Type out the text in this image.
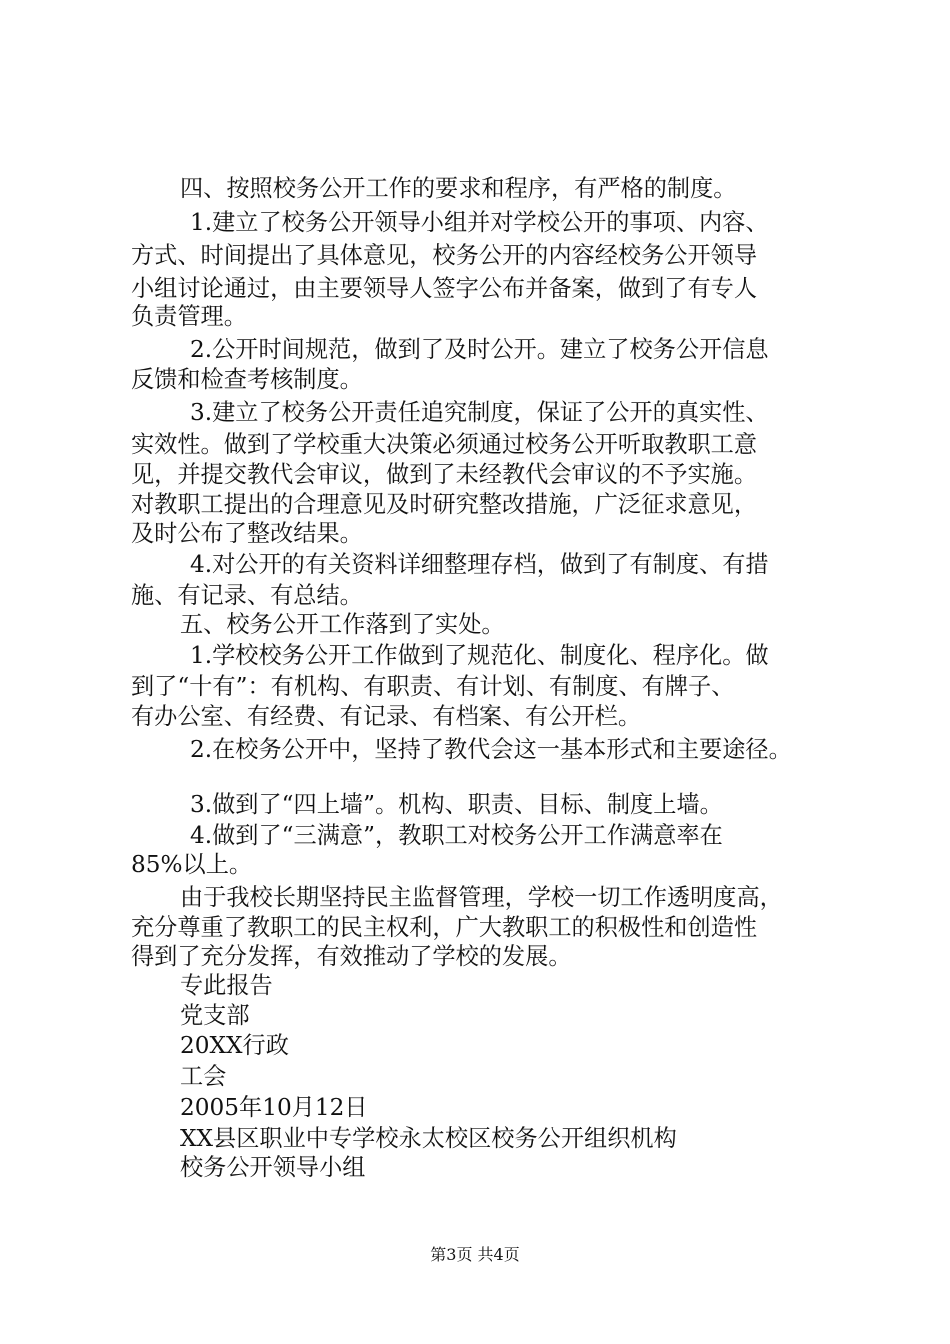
四、按照校务公开工作的要求和程序，有严格的制度。
1.建立了校务公开领导小组并对学校公开的事项、内容、
方式、时间提出了具体意见，校务公开的内容经校务公开领导
小组讨论通过，由主要领导人签字公布并备案，做到了有专人
负责管理。
2.公开时间规范，做到了及时公开。建立了校务公开信息
反馈和检查考核制度。
3.建立了校务公开责任追究制度，保证了公开的真实性、
实效性。做到了学校重大决策必须通过校务公开听取教职工意
见，并提交教代会审议，做到了未经教代会审议的不予实施。
对教职工提出的合理意见及时研究整改措施，广泛征求意见，
及时公布了整改结果。
4.对公开的有关资料详细整理存档，做到了有制度、有措
施、有记录、有总结。
五、校务公开工作落到了实处。
1.学校校务公开工作做到了规范化、制度化、程序化。做
到了“十有”：有机构、有职责、有计划、有制度、有牌子、
有办公室、有经费、有记录、有档案、有公开栏。
2.在校务公开中，坚持了教代会这一基本形式和主要途径。
3.做到了“四上墙”。机构、职责、目标、制度上墙。
4.做到了“三满意”，教职工对校务公开工作满意率在
85%以上。
由于我校长期坚持民主监督管理，学校一切工作透明度高，
充分尊重了教职工的民主权利，广大教职工的积极性和创造性
得到了充分发挥，有效推动了学校的发展。
专此报告
党支部
20XX行政
工会
2005年10月12日
XX县区职业中专学校永太校区校务公开组织机构
校务公开领导小组
第3页 共4页
